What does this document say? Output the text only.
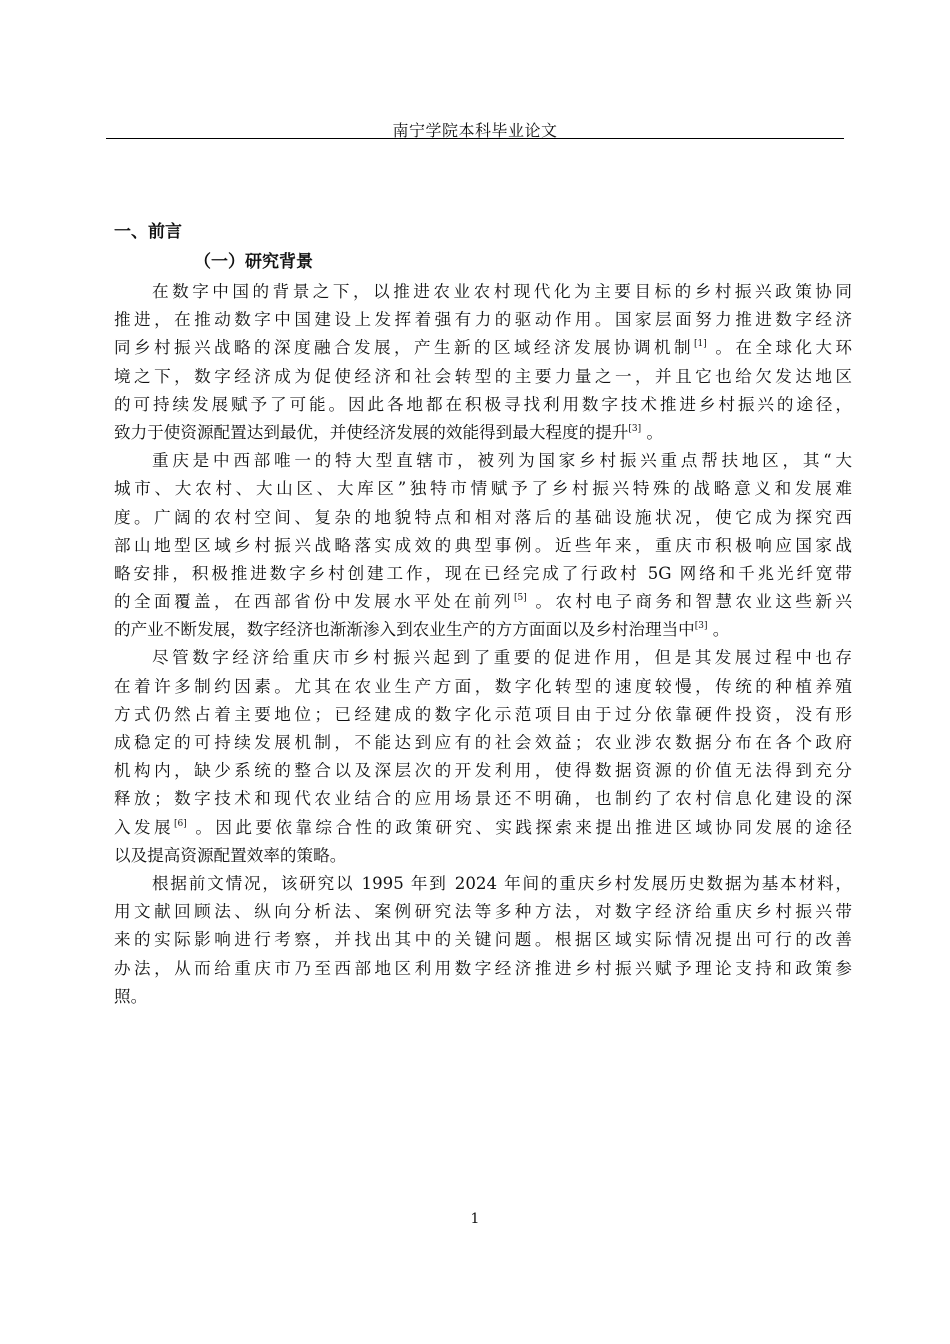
南宁学院本科毕业论文
一、前言
（一）研究背景
在数字中国的背景之下，以推进农业农村现代化为主要目标的乡村振兴政策协同
推进，在推动数字中国建设上发挥着强有力的驱动作用。国家层面努力推进数字经济
同乡村振兴战略的深度融合发展，产生新的区域经济发展协调机制[1] 。在全球化大环
境之下，数字经济成为促使经济和社会转型的主要力量之一，并且它也给欠发达地区
的可持续发展赋予了可能。因此各地都在积极寻找利用数字技术推进乡村振兴的途径，
致力于使资源配置达到最优，并使经济发展的效能得到最大程度的提升[3] 。
重庆是中西部唯一的特大型直辖市，被列为国家乡村振兴重点帮扶地区，其“大
城市、大农村、大山区、大库区”独特市情赋予了乡村振兴特殊的战略意义和发展难
度。广阔的农村空间、复杂的地貌特点和相对落后的基础设施状况，使它成为探究西
部山地型区域乡村振兴战略落实成效的典型事例。近些年来，重庆市积极响应国家战
略安排，积极推进数字乡村创建工作，现在已经完成了行政村 5G 网络和千兆光纤宽带
的全面覆盖，在西部省份中发展水平处在前列[5] 。农村电子商务和智慧农业这些新兴
的产业不断发展，数字经济也渐渐渗入到农业生产的方方面面以及乡村治理当中[3] 。
尽管数字经济给重庆市乡村振兴起到了重要的促进作用，但是其发展过程中也存
在着许多制约因素。尤其在农业生产方面，数字化转型的速度较慢，传统的种植养殖
方式仍然占着主要地位；已经建成的数字化示范项目由于过分依靠硬件投资，没有形
成稳定的可持续发展机制，不能达到应有的社会效益；农业涉农数据分布在各个政府
机构内，缺少系统的整合以及深层次的开发利用，使得数据资源的价值无法得到充分
释放；数字技术和现代农业结合的应用场景还不明确，也制约了农村信息化建设的深
入发展[6] 。因此要依靠综合性的政策研究、实践探索来提出推进区域协同发展的途径
以及提高资源配置效率的策略。
根据前文情况，该研究以 1995 年到 2024 年间的重庆乡村发展历史数据为基本材料，
用文献回顾法、纵向分析法、案例研究法等多种方法，对数字经济给重庆乡村振兴带
来的实际影响进行考察，并找出其中的关键问题。根据区域实际情况提出可行的改善
办法，从而给重庆市乃至西部地区利用数字经济推进乡村振兴赋予理论支持和政策参
照。
1
